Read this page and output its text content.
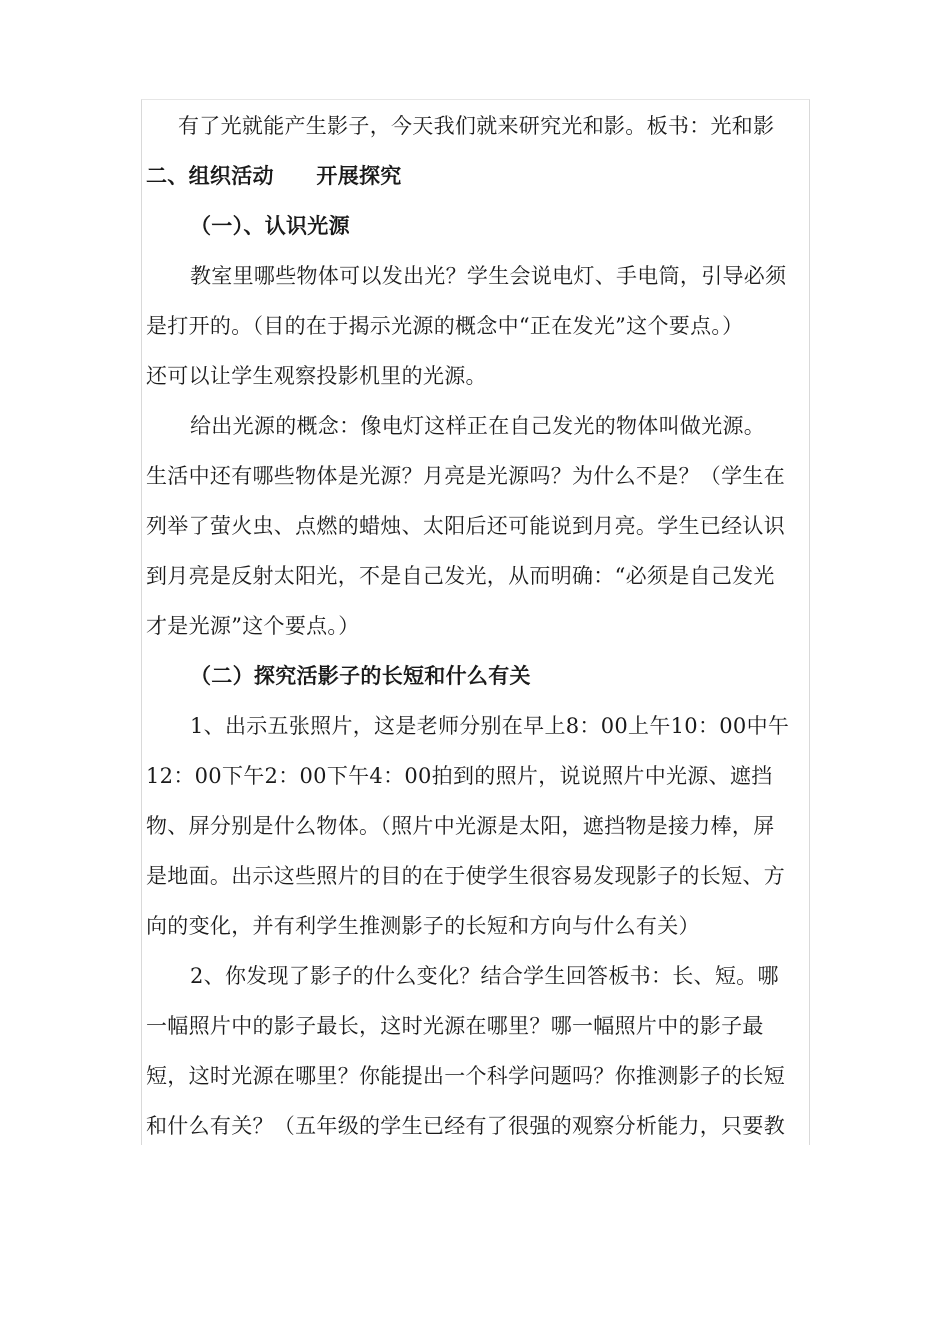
有了光就能产生影子，今天我们就来研究光和影。板书：光和影
二、组织活动　　开展探究
（一）、认识光源
教室里哪些物体可以发出光？学生会说电灯、手电筒，引导必须
是打开的。（目的在于揭示光源的概念中“正在发光”这个要点。）
还可以让学生观察投影机里的光源。
给出光源的概念：像电灯这样正在自己发光的物体叫做光源。
生活中还有哪些物体是光源？月亮是光源吗？为什么不是？（学生在
列举了萤火虫、点燃的蜡烛、太阳后还可能说到月亮。学生已经认识
到月亮是反射太阳光，不是自己发光，从而明确：“必须是自己发光
才是光源”这个要点。）
（二）探究活影子的长短和什么有关
1、出示五张照片，这是老师分别在早上8：00上午10：00中午
12：00下午2：00下午4：00拍到的照片，说说照片中光源、遮挡
物、屏分别是什么物体。（照片中光源是太阳，遮挡物是接力棒，屏
是地面。出示这些照片的目的在于使学生很容易发现影子的长短、方
向的变化，并有利学生推测影子的长短和方向与什么有关）
2、你发现了影子的什么变化？结合学生回答板书：长、短。哪
一幅照片中的影子最长，这时光源在哪里？哪一幅照片中的影子最
短，这时光源在哪里？你能提出一个科学问题吗？你推测影子的长短
和什么有关？（五年级的学生已经有了很强的观察分析能力，只要教
